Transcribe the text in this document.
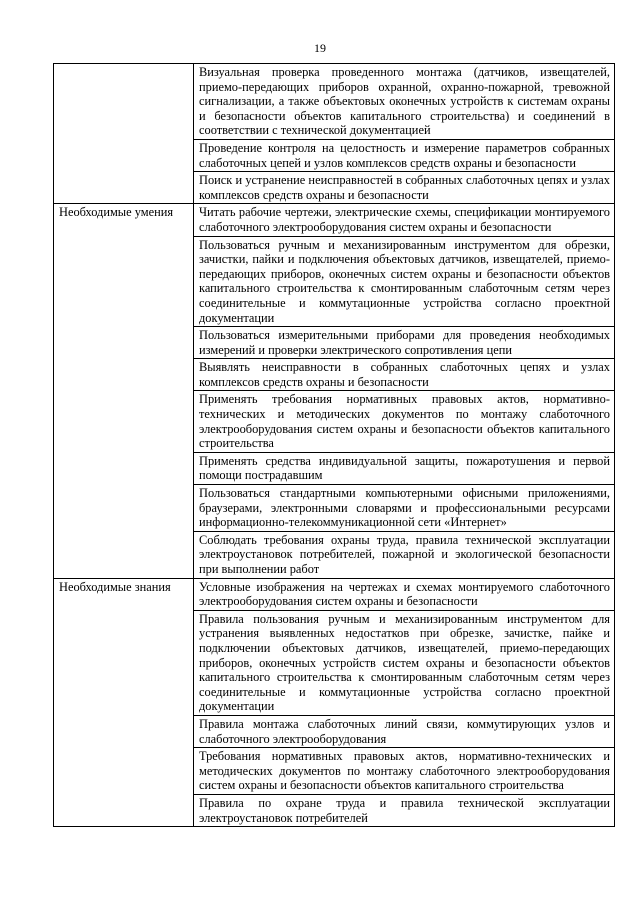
19
	Визуальная проверка проведенного монтажа (датчиков, извещателей, приемо-передающих приборов охранной, охранно-пожарной, тревожной сигнализации, а также объектовых оконечных устройств к системам охраны и безопасности объектов капитального строительства) и соединений в соответствии с технической документацией
	Проведение контроля на целостность и измерение параметров собранных слаботочных цепей и узлов комплексов средств охраны и безопасности
	Поиск и устранение неисправностей в собранных слаботочных цепях и узлах комплексов средств охраны и безопасности
Необходимые умения	Читать рабочие чертежи, электрические схемы, спецификации монтируемого слаботочного электрооборудования систем охраны и безопасности
	Пользоваться ручным и механизированным инструментом для обрезки, зачистки, пайки и подключения объектовых датчиков, извещателей, приемо-передающих приборов, оконечных систем охраны и безопасности объектов капитального строительства к смонтированным слаботочным сетям через соединительные и коммутационные устройства согласно проектной документации
	Пользоваться измерительными приборами для проведения необходимых измерений и проверки электрического сопротивления цепи
	Выявлять неисправности в собранных слаботочных цепях и узлах комплексов средств охраны и безопасности
	Применять требования нормативных правовых актов, нормативно-технических и методических документов по монтажу слаботочного электрооборудования систем охраны и безопасности объектов капитального строительства
	Применять средства индивидуальной защиты, пожаротушения и первой помощи пострадавшим
	Пользоваться стандартными компьютерными офисными приложениями, браузерами, электронными словарями и профессиональными ресурсами информационно-телекоммуникационной сети «Интернет»
	Соблюдать требования охраны труда, правила технической эксплуатации электроустановок потребителей, пожарной и экологической безопасности при выполнении работ
Необходимые знания	Условные изображения на чертежах и схемах монтируемого слаботочного электрооборудования систем охраны и безопасности
	Правила пользования ручным и механизированным инструментом для устранения выявленных недостатков при обрезке, зачистке, пайке и подключении объектовых датчиков, извещателей, приемо-передающих приборов, оконечных устройств систем охраны и безопасности объектов капитального строительства к смонтированным слаботочным сетям через соединительные и коммутационные устройства согласно проектной документации
	Правила монтажа слаботочных линий связи, коммутирующих узлов и слаботочного электрооборудования
	Требования нормативных правовых актов, нормативно-технических и методических документов по монтажу слаботочного электрооборудования систем охраны и безопасности объектов капитального строительства
	Правила по охране труда и правила технической эксплуатации электроустановок потребителей
